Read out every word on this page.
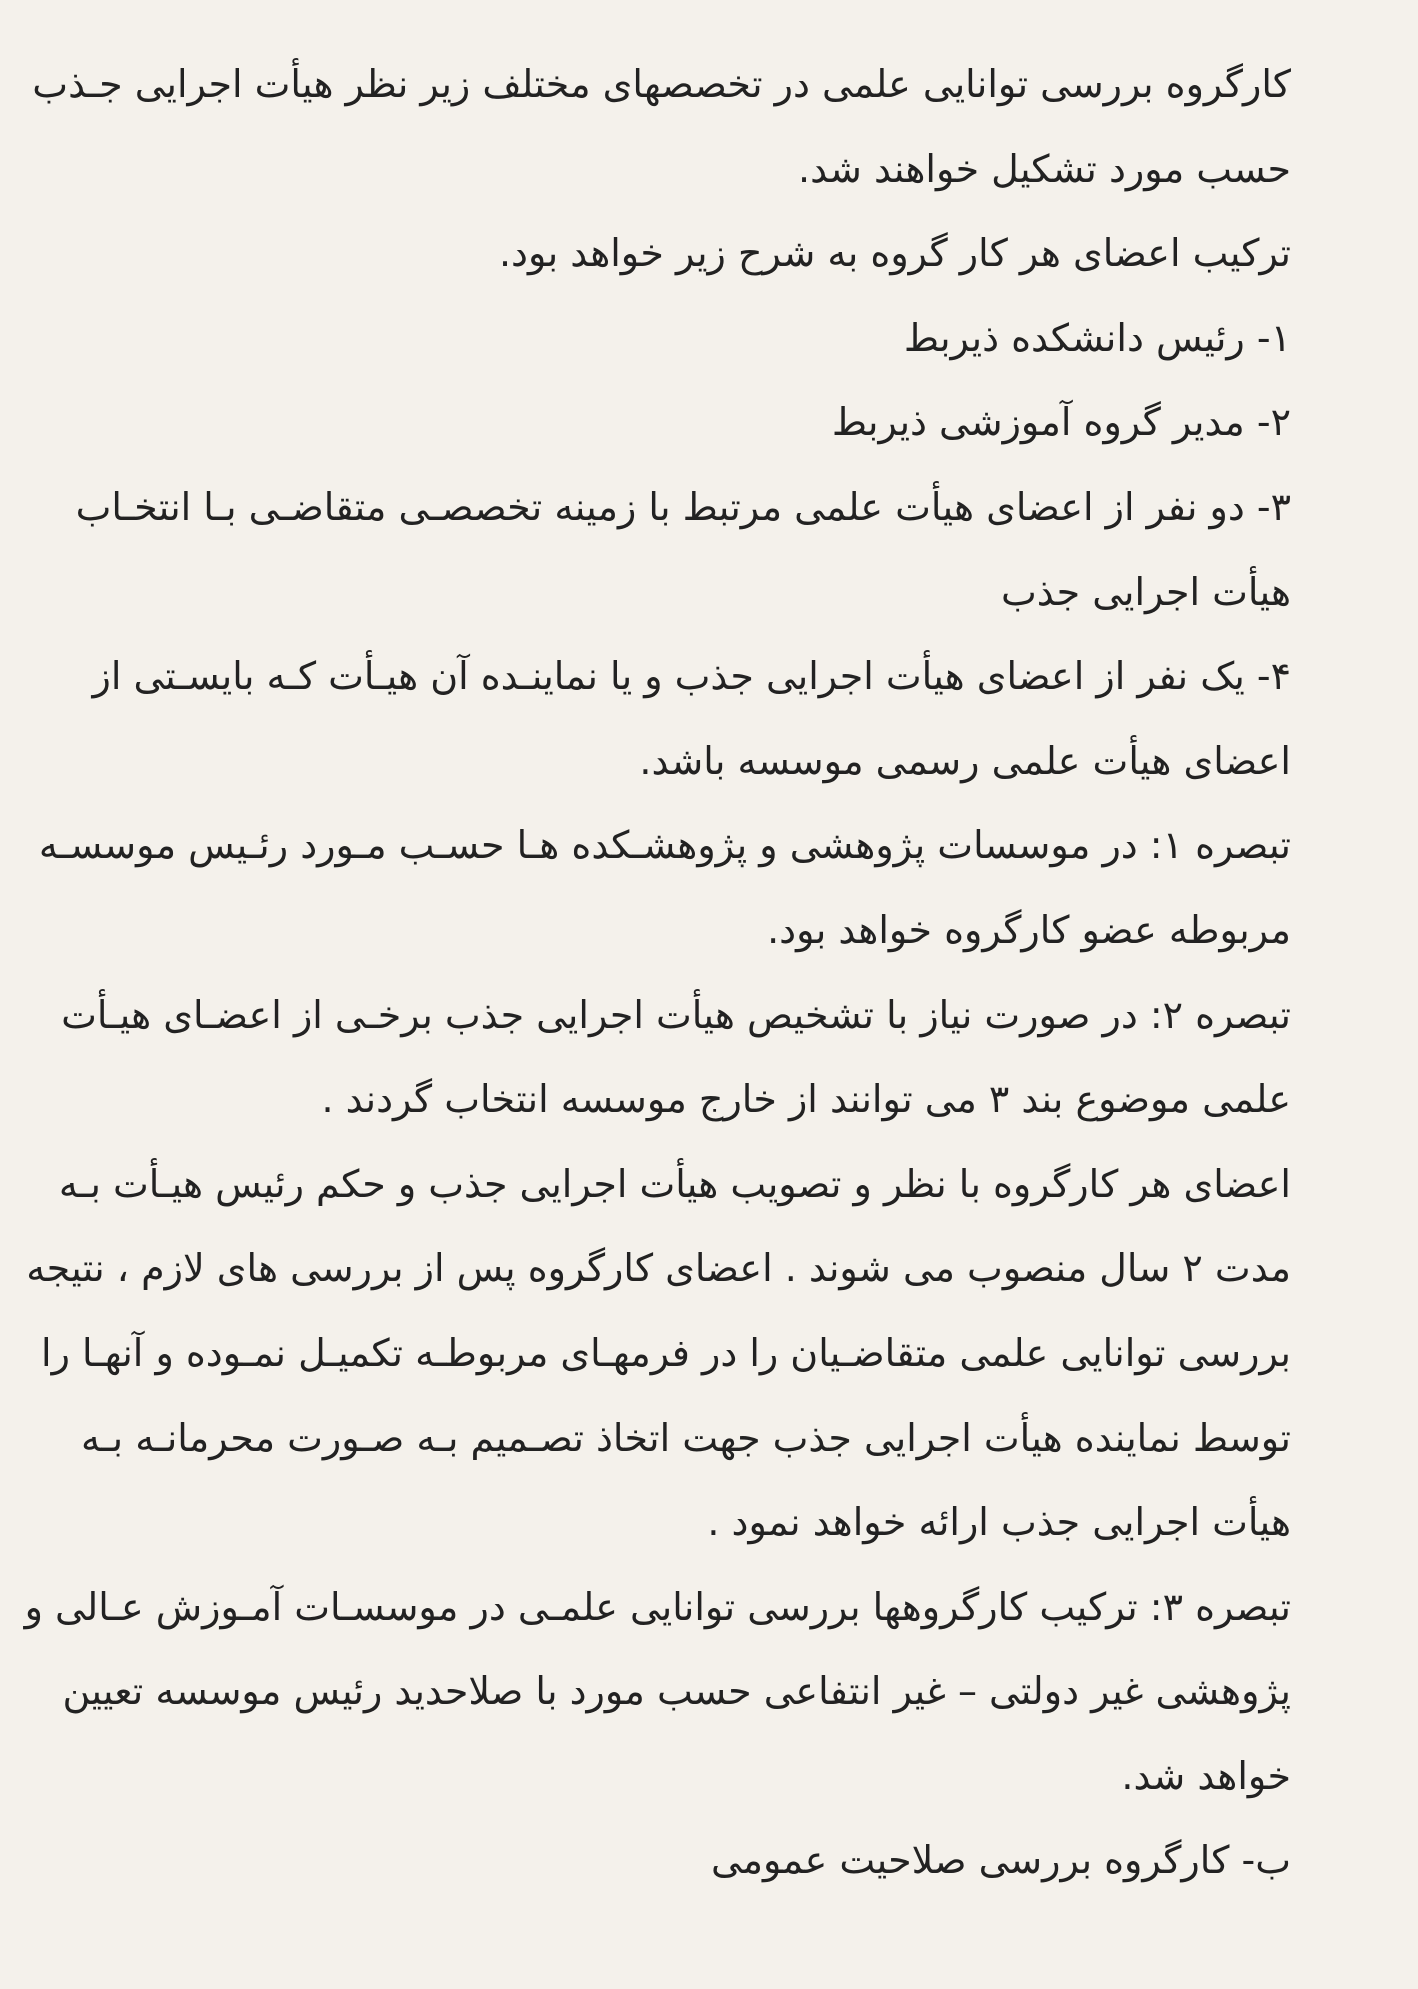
کارگروه بررسی توانایی علمی در تخصصهای مختلف زیر نظر هیأت اجرایی جـذب
حسب مورد تشکیل خواهند شد.
ترکیب اعضای هر کار گروه به شرح زیر خواهد بود.
۱- رئیس دانشکده ذیربط
۲- مدیر گروه آموزشی ذیربط
۳- دو نفر از اعضای هیأت علمی مرتبط با زمینه تخصصـی متقاضـی بـا انتخـاب
هیأت اجرایی جذب
۴- یک نفر از اعضای هیأت اجرایی جذب و یا نماینـده آن هیـأت کـه بایسـتی از
اعضای هیأت علمی رسمی موسسه باشد.
تبصره ۱: در موسسات پژوهشی و پژوهشـکده هـا حسـب مـورد رئـیس موسسـه
مربوطه عضو کارگروه خواهد بود.
تبصره ۲: در صورت نیاز با تشخیص هیأت اجرایی جذب برخـی از اعضـای هیـأت
علمی موضوع بند ۳ می توانند از خارج موسسه انتخاب گردند .
اعضای هر کارگروه با نظر و تصویب هیأت اجرایی جذب و حکم رئیس هیـأت بـه
مدت ۲ سال منصوب می شوند . اعضای کارگروه پس از بررسی های لازم ، نتیجه
بررسی توانایی علمی متقاضـیان را در فرمهـای مربوطـه تکمیـل نمـوده و آنهـا را
توسط نماینده هیأت اجرایی جذب جهت اتخاذ تصـمیم بـه صـورت محرمانـه بـه
هیأت اجرایی جذب ارائه خواهد نمود .
تبصره ۳: ترکیب کارگروهها بررسی توانایی علمـی در موسسـات آمـوزش عـالی و
پژوهشی غیر دولتی – غیر انتفاعی حسب مورد با صلاحدید رئیس موسسه تعیین
خواهد شد.
ب- کارگروه بررسی صلاحیت عمومی
